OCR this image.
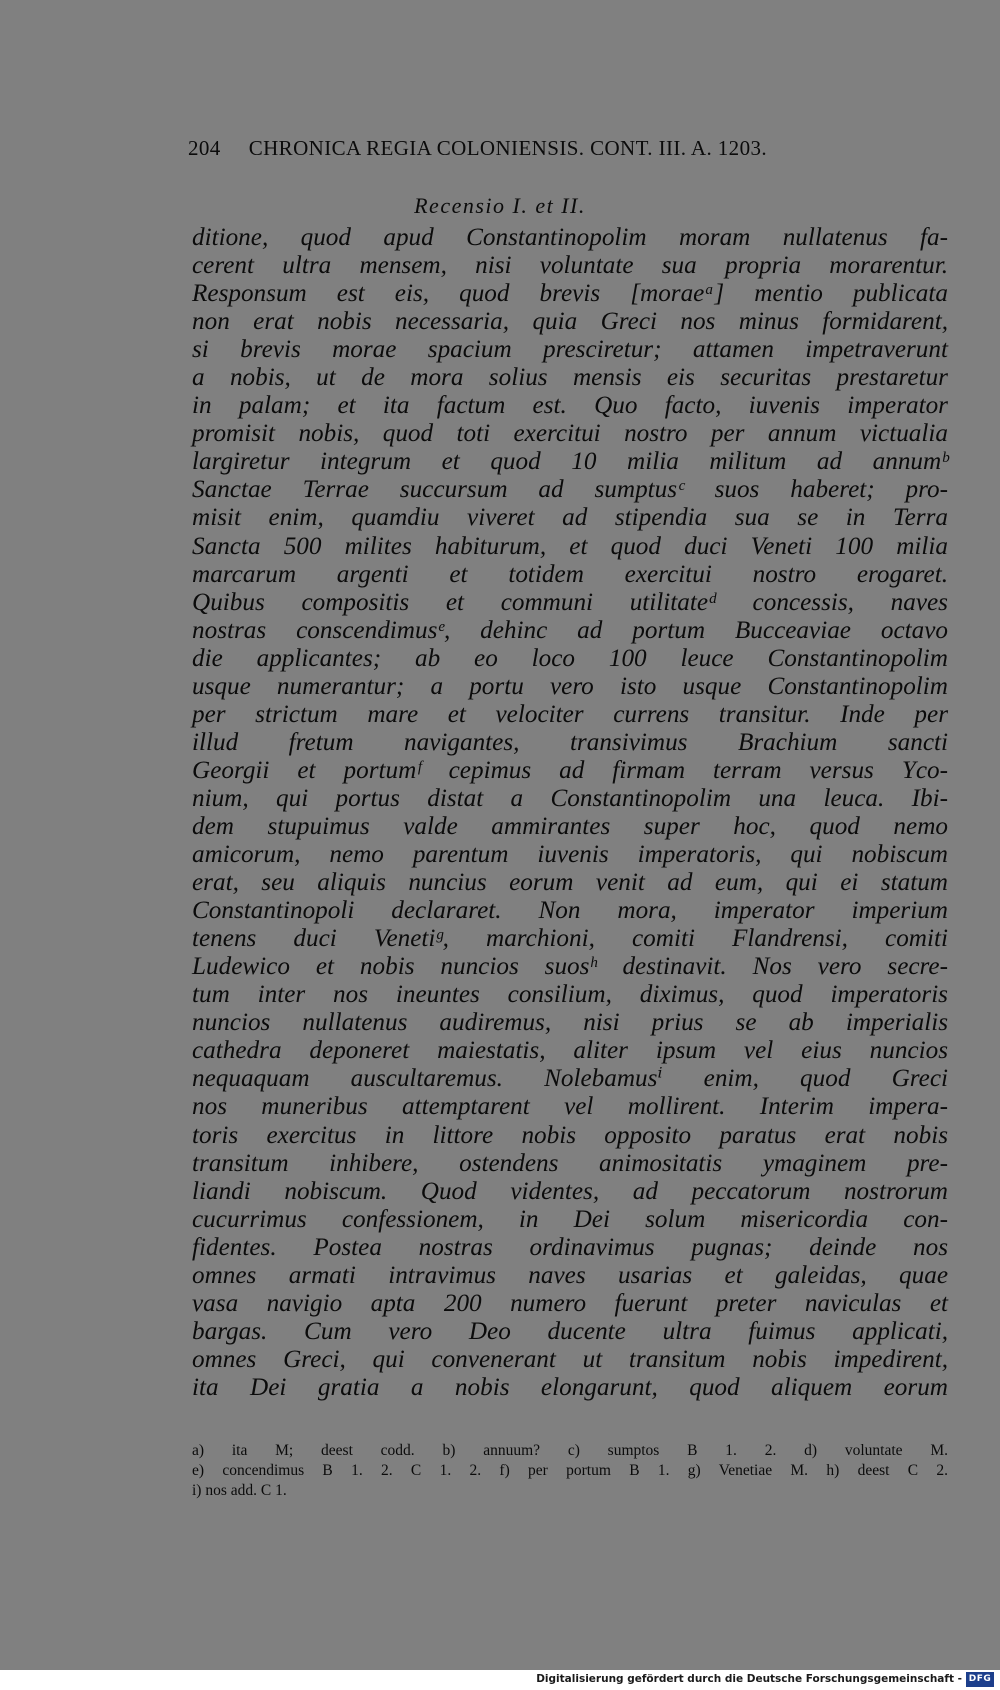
204 CHRONICA REGIA COLONIENSIS. CONT. III. A. 1203.
Recensio I. et II.
ditione, quod apud Constantinopolim moram nullatenus fa-
cerent ultra mensem, nisi voluntate sua propria morarentur.
Responsum est eis, quod brevis [moraeᵃ] mentio publicata
non erat nobis necessaria, quia Greci nos minus formidarent,
si brevis morae spacium presciretur; attamen impetraverunt
a nobis, ut de mora solius mensis eis securitas prestaretur
in palam; et ita factum est. Quo facto, iuvenis imperator
promisit nobis, quod toti exercitui nostro per annum victualia
largiretur integrum et quod 10 milia militum ad annumᵇ
Sanctae Terrae succursum ad sumptusᶜ suos haberet; pro-
misit enim, quamdiu viveret ad stipendia sua se in Terra
Sancta 500 milites habiturum, et quod duci Veneti 100 milia
marcarum argenti et totidem exercitui nostro erogaret.
Quibus compositis et communi utilitateᵈ concessis, naves
nostras conscendimusᵉ, dehinc ad portum Bucceaviae octavo
die applicantes; ab eo loco 100 leuce Constantinopolim
usque numerantur; a portu vero isto usque Constantinopolim
per strictum mare et velociter currens transitur. Inde per
illud fretum navigantes, transivimus Brachium sancti
Georgii et portumᶠ cepimus ad firmam terram versus Yco-
nium, qui portus distat a Constantinopolim una leuca. Ibi-
dem stupuimus valde ammirantes super hoc, quod nemo
amicorum, nemo parentum iuvenis imperatoris, qui nobiscum
erat, seu aliquis nuncius eorum venit ad eum, qui ei statum
Constantinopoli declararet. Non mora, imperator imperium
tenens duci Venetiᵍ, marchioni, comiti Flandrensi, comiti
Ludewico et nobis nuncios suosʰ destinavit. Nos vero secre-
tum inter nos ineuntes consilium, diximus, quod imperatoris
nuncios nullatenus audiremus, nisi prius se ab imperialis
cathedra deponeret maiestatis, aliter ipsum vel eius nuncios
nequaquam auscultaremus. Nolebamusⁱ enim, quod Greci
nos muneribus attemptarent vel mollirent. Interim impera-
toris exercitus in littore nobis opposito paratus erat nobis
transitum inhibere, ostendens animositatis ymaginem pre-
liandi nobiscum. Quod videntes, ad peccatorum nostrorum
cucurrimus confessionem, in Dei solum misericordia con-
fidentes. Postea nostras ordinavimus pugnas; deinde nos
omnes armati intravimus naves usarias et galeidas, quae
vasa navigio apta 200 numero fuerunt preter naviculas et
bargas. Cum vero Deo ducente ultra fuimus applicati,
omnes Greci, qui convenerant ut transitum nobis impedirent,
ita Dei gratia a nobis elongarunt, quod aliquem eorum
a) ita M; deest codd. b) annuum? c) sumptos B 1. 2. d) voluntate M.
e) concendimus B 1. 2. C 1. 2. f) per portum B 1. g) Venetiae M. h) deest C 2.
i) nos add. C 1.
Digitalisierung gefördert durch die Deutsche Forschungsgemeinschaft - DFG
